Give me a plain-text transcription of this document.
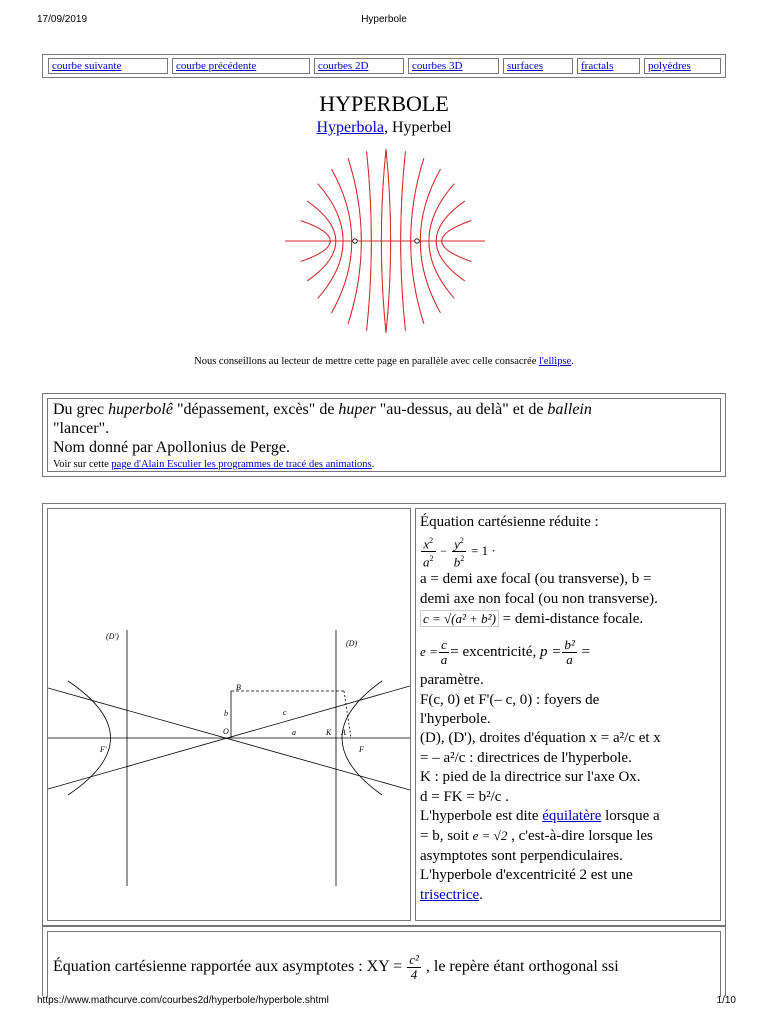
17/09/2019	Hyperbole
courbe suivante	courbe précédente	courbes 2D	courbes 3D	surfaces	fractals	polyèdres
HYPERBOLE
Hyperbola, Hyperbel
Nous conseillons au lecteur de mettre cette page en parallèle avec celle consacrée l'ellipse.
Du grec huperbolê "dépassement, excès" de huper "au-dessus, au delà" et de ballein
"lancer".
Nom donné par Apollonius de Perge.
Voir sur cette page d'Alain Esculier les programmes de tracé des animations.
(D')
(D)
B
b	c
O	a	K A
F'	F
Équation cartésienne réduite :
$\frac{x^2}{a^2} - \frac{y^2}{b^2} = 1$ ·
a = demi axe focal (ou transverse), b =
demi axe non focal (ou non transverse).
c = √(a² + b²) = demi-distance focale.
$e = \frac{c}{a}$ = excentricité, $p = \frac{\text{b²}}{a}$ =
paramètre.
F(c, 0) et F'(– c, 0) : foyers de
l'hyperbole.
(D), (D'), droites d'équation x = a²/c et x
= – a²/c : directrices de l'hyperbole.
K : pied de la directrice sur l'axe Ox.
d = FK = b²/c .
L'hyperbole est dite équilatère lorsque a
= b, soit e = √2 , c'est-à-dire lorsque les
asymptotes sont perpendiculaires.
L'hyperbole d'excentricité 2 est une
trisectrice.
Équation cartésienne rapportée aux asymptotes : XY = $\frac{\text{c²}}{4}$ , le repère étant orthogonal ssi
https://www.mathcurve.com/courbes2d/hyperbole/hyperbole.shtml	1/10
